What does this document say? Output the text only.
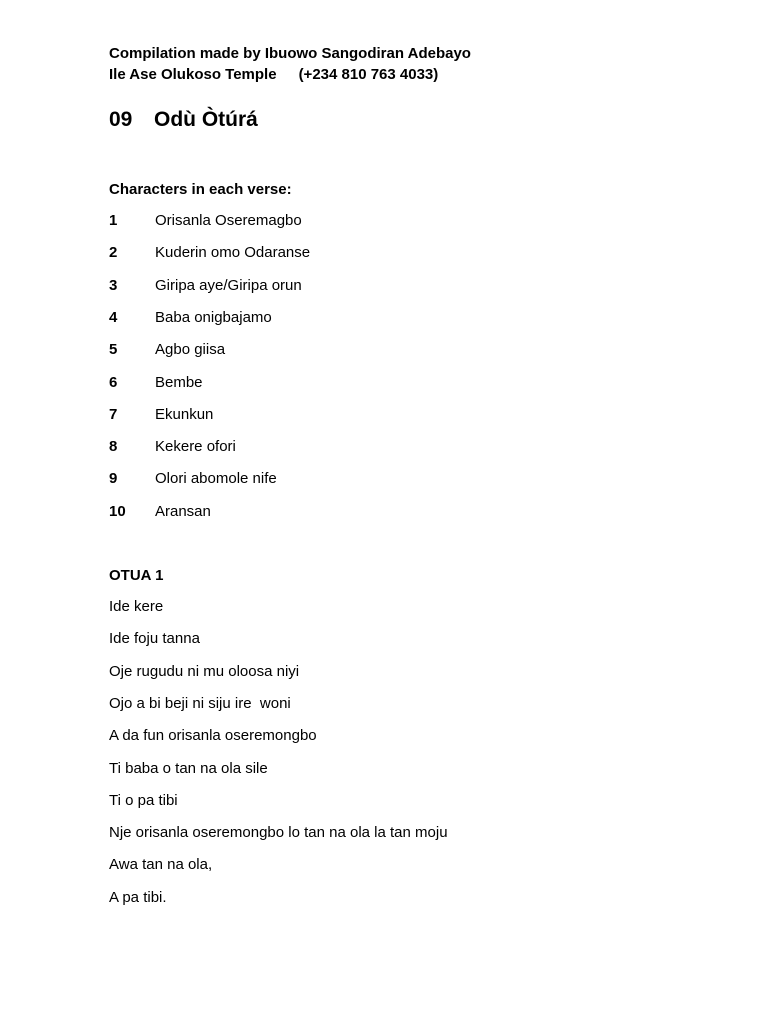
Compilation made by Ibuowo Sangodiran Adebayo
Ile Ase Olukoso Temple (+234 810 763 4033)
09 Odù Òtúrá
Characters in each verse:
1	Orisanla Oseremagbo
2	Kuderin omo Odaranse
3	Giripa aye/Giripa orun
4	Baba onigbajamo
5	Agbo giisa
6	Bembe
7	Ekunkun
8	Kekere ofori
9	Olori abomole nife
10 Aransan
OTUA 1
Ide kere
Ide foju tanna
Oje rugudu ni mu oloosa niyi
Ojo a bi beji ni siju ire  woni
A da fun orisanla oseremongbo
Ti baba o tan na ola sile
Ti o pa tibi
Nje orisanla oseremongbo lo tan na ola la tan moju
Awa tan na ola,
A pa tibi.
